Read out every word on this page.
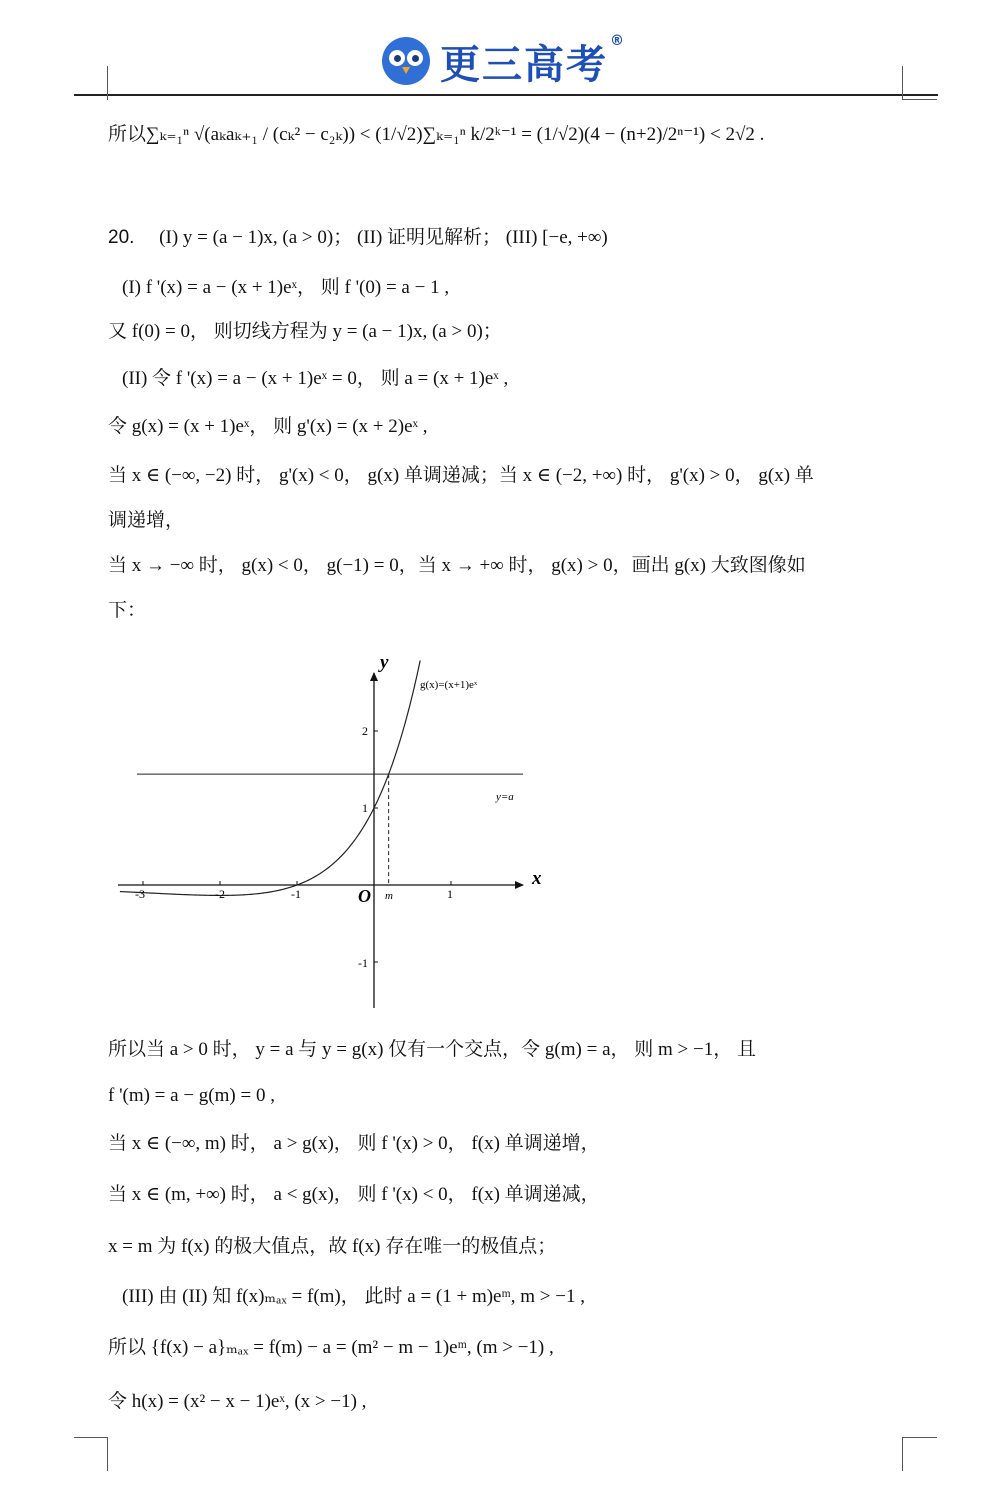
更三高考®
所以∑ₖ₌₁ⁿ √(aₖaₖ₊₁ / (cₖ² − c₂ₖ)) < (1/√2)∑ₖ₌₁ⁿ k/2ᵏ⁻¹ = (1/√2)(4 − (n+2)/2ⁿ⁻¹) < 2√2 .
20. (I) y = (a − 1)x, (a > 0)； (II) 证明见解析； (III) [−e, +∞)
(I) f '(x) = a − (x + 1)eˣ， 则 f '(0) = a − 1 ,
又 f(0) = 0， 则切线方程为 y = (a − 1)x, (a > 0)；
(II) 令 f '(x) = a − (x + 1)eˣ = 0， 则 a = (x + 1)eˣ ,
令 g(x) = (x + 1)eˣ， 则 g'(x) = (x + 2)eˣ ,
当 x ∈ (−∞, −2) 时， g'(x) < 0， g(x) 单调递减；当 x ∈ (−2, +∞) 时， g'(x) > 0， g(x) 单
调递增，
当 x → −∞ 时， g(x) < 0， g(−1) = 0，当 x → +∞ 时， g(x) > 0，画出 g(x) 大致图像如
下：
-3	-2	-1	1
2
1
-1
x
y
O
g(x)=(x+1)eˣ
y=a
m
所以当 a > 0 时， y = a 与 y = g(x) 仅有一个交点，令 g(m) = a， 则 m > −1， 且
f '(m) = a − g(m) = 0 ,
当 x ∈ (−∞, m) 时， a > g(x)， 则 f '(x) > 0， f(x) 单调递增，
当 x ∈ (m, +∞) 时， a < g(x)， 则 f '(x) < 0， f(x) 单调递减，
x = m 为 f(x) 的极大值点，故 f(x) 存在唯一的极值点；
(III) 由 (II) 知 f(x)ₘₐₓ = f(m)， 此时 a = (1 + m)eᵐ, m > −1 ,
所以 {f(x) − a}ₘₐₓ = f(m) − a = (m² − m − 1)eᵐ, (m > −1) ,
令 h(x) = (x² − x − 1)eˣ, (x > −1) ,
